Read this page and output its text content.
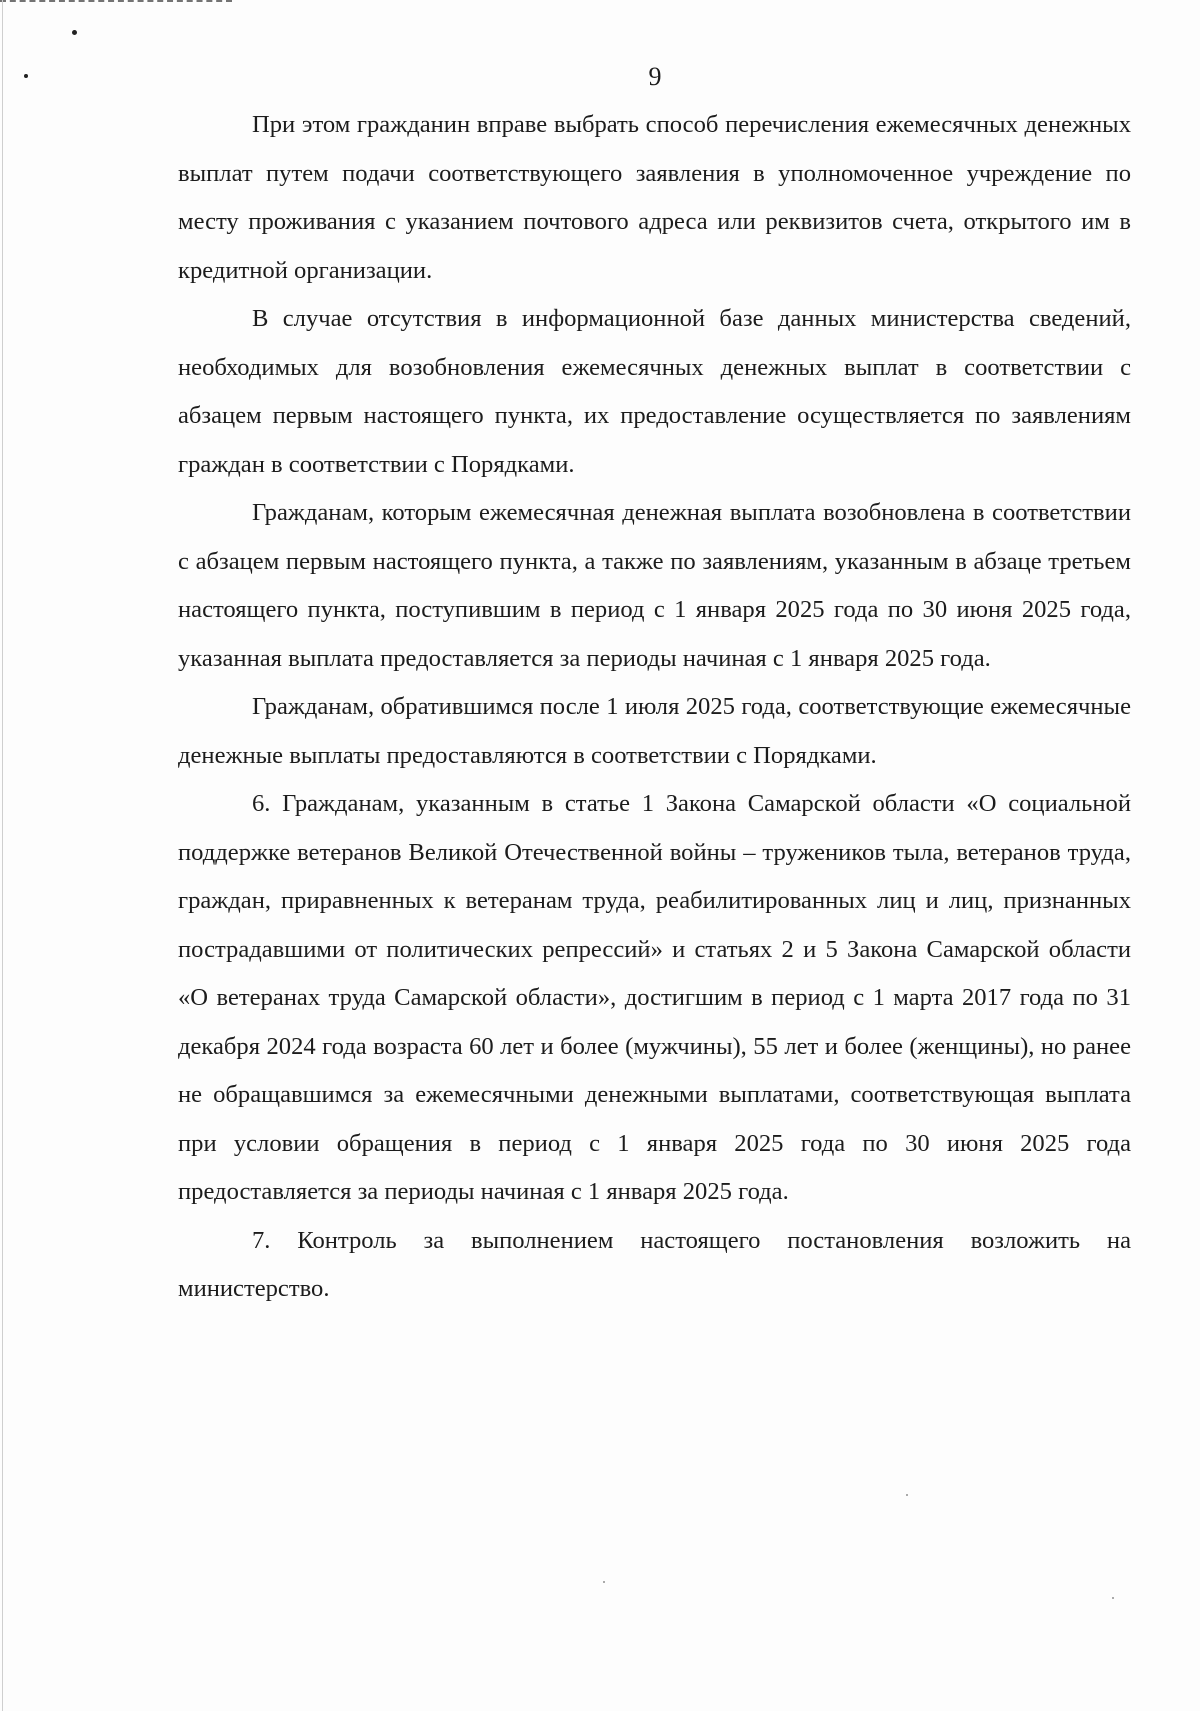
9

При этом гражданин вправе выбрать способ перечисления ежемесячных денежных выплат путем подачи соответствующего заявления в уполномоченное учреждение по месту проживания с указанием почтового адреса или реквизитов счета, открытого им в кредитной организации.

В случае отсутствия в информационной базе данных министерства сведений, необходимых для возобновления ежемесячных денежных выплат в соответствии с абзацем первым настоящего пункта, их предоставление осуществляется по заявлениям граждан в соответствии с Порядками.

Гражданам, которым ежемесячная денежная выплата возобновлена в соответствии с абзацем первым настоящего пункта, а также по заявлениям, указанным в абзаце третьем настоящего пункта, поступившим в период с 1 января 2025 года по 30 июня 2025 года, указанная выплата предоставляется за периоды начиная с 1 января 2025 года.

Гражданам, обратившимся после 1 июля 2025 года, соответствующие ежемесячные денежные выплаты предоставляются в соответствии с Порядками.

6. Гражданам, указанным в статье 1 Закона Самарской области «О социальной поддержке ветеранов Великой Отечественной войны – тружеников тыла, ветеранов труда, граждан, приравненных к ветеранам труда, реабилитированных лиц и лиц, признанных пострадавшими от политических репрессий» и статьях 2 и 5 Закона Самарской области «О ветеранах труда Самарской области», достигшим в период с 1 марта 2017 года по 31 декабря 2024 года возраста 60 лет и более (мужчины), 55 лет и более (женщины), но ранее не обращавшимся за ежемесячными денежными выплатами, соответствующая выплата при условии обращения в период с 1 января 2025 года по 30 июня 2025 года предоставляется за периоды начиная с 1 января 2025 года.

7. Контроль за выполнением настоящего постановления возложить на министерство.
